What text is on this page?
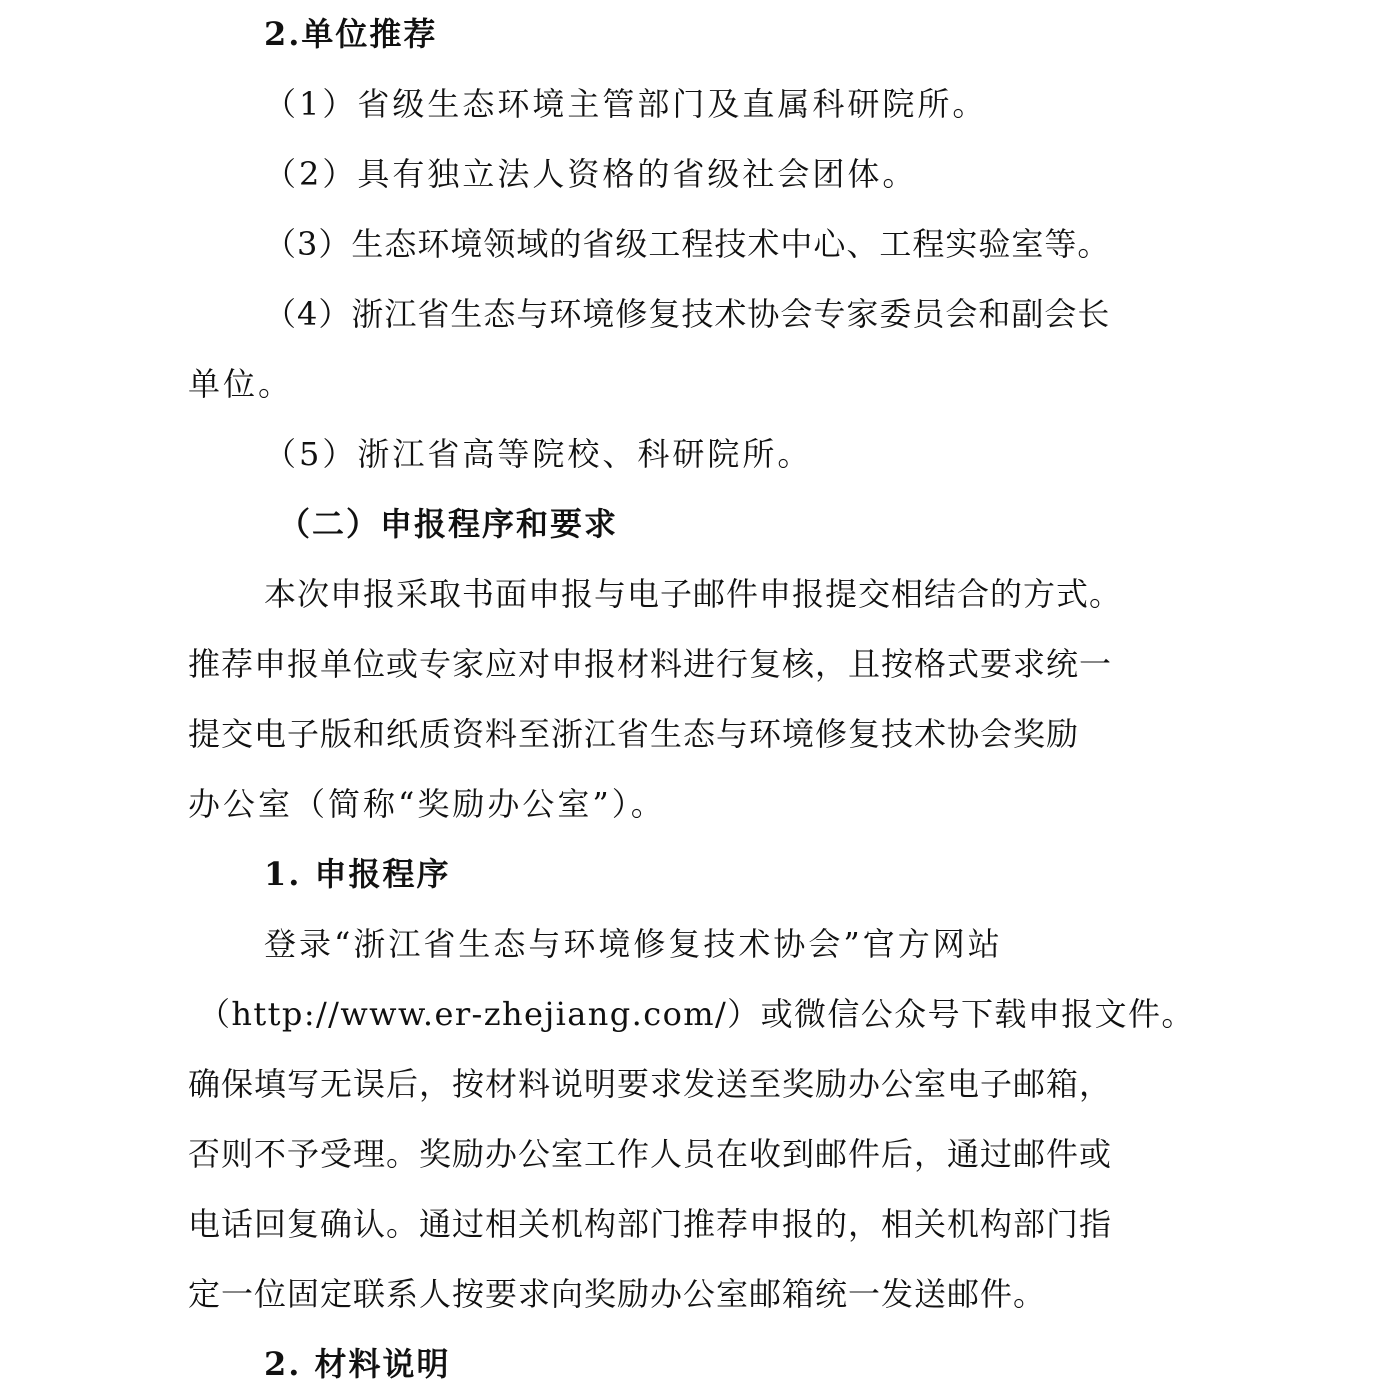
2.单位推荐
（1）省级生态环境主管部门及直属科研院所。
（2）具有独立法人资格的省级社会团体。
（3）生态环境领域的省级工程技术中心、工程实验室等。
（4）浙江省生态与环境修复技术协会专家委员会和副会长
单位。
（5）浙江省高等院校、科研院所。
（二）申报程序和要求
本次申报采取书面申报与电子邮件申报提交相结合的方式。
推荐申报单位或专家应对申报材料进行复核，且按格式要求统一
提交电子版和纸质资料至浙江省生态与环境修复技术协会奖励
办公室（简称“奖励办公室”）。
1. 申报程序
登录“浙江省生态与环境修复技术协会”官方网站
（http://www.er-zhejiang.com/）或微信公众号下载申报文件。
确保填写无误后，按材料说明要求发送至奖励办公室电子邮箱，
否则不予受理。奖励办公室工作人员在收到邮件后，通过邮件或
电话回复确认。通过相关机构部门推荐申报的，相关机构部门指
定一位固定联系人按要求向奖励办公室邮箱统一发送邮件。
2. 材料说明
